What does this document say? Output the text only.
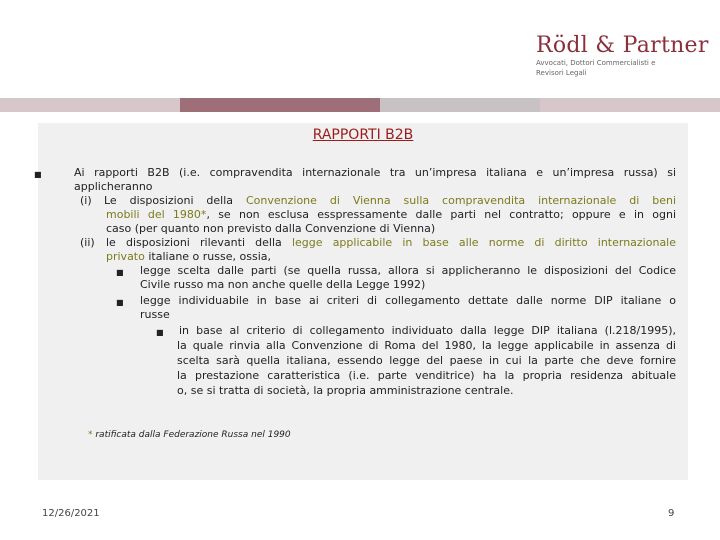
Rödl & Partner
Avvocati, Dottori Commercialisti e
Revisori Legali
RAPPORTI B2B
■	Ai rapporti B2B (i.e. compravendita internazionale tra un’impresa italiana e un’impresa russa) si
applicheranno
(i) Le disposizioni della Convenzione di Vienna sulla compravendita internazionale di beni
mobili del 1980*, se non esclusa esspressamente dalle parti nel contratto; oppure e in ogni
caso (per quanto non previsto dalla Convenzione di Vienna)
(ii) le disposizioni rilevanti della legge applicabile in base alle norme di diritto internazionale
privato italiane o russe, ossia,
■ legge scelta dalle parti (se quella russa, allora si applicheranno le disposizioni del Codice
Civile russo ma non anche quelle della Legge 1992)
■ legge individuabile in base ai criteri di collegamento dettate dalle norme DIP italiane o
russe
■ in base al criterio di collegamento individuato dalla legge DIP italiana (l.218/1995),
la quale rinvia alla Convenzione di Roma del 1980, la legge applicabile in assenza di
scelta sarà quella italiana, essendo legge del paese in cui la parte che deve fornire
la prestazione caratteristica (i.e. parte venditrice) ha la propria residenza abituale
o, se si tratta di società, la propria amministrazione centrale.
* ratificata dalla Federazione Russa nel 1990
12/26/2021	9
